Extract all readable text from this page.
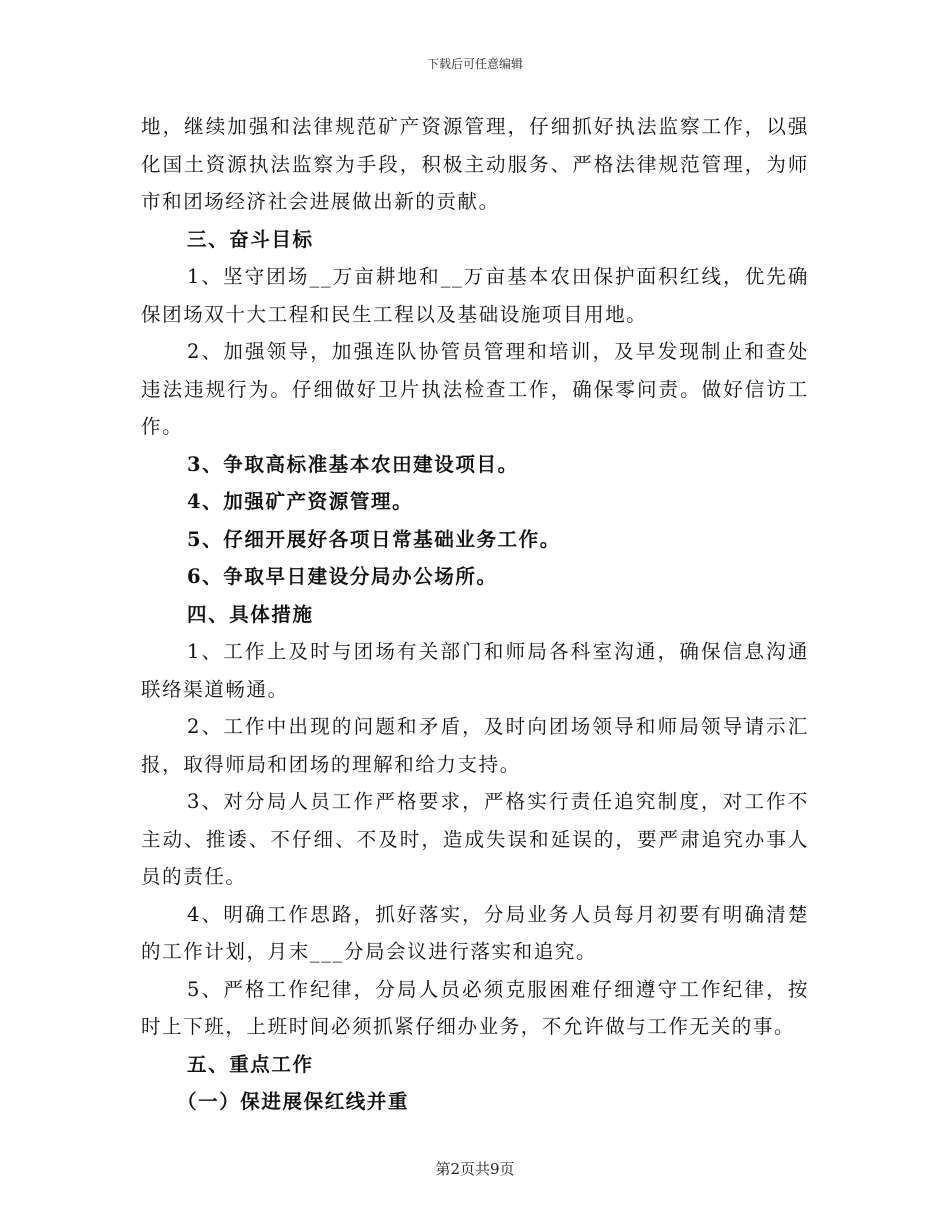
下载后可任意编辑

地，继续加强和法律规范矿产资源管理，仔细抓好执法监察工作，以强化国土资源执法监察为手段，积极主动服务、严格法律规范管理，为师市和团场经济社会进展做出新的贡献。

三、奋斗目标

1、坚守团场__万亩耕地和__万亩基本农田保护面积红线，优先确保团场双十大工程和民生工程以及基础设施项目用地。

2、加强领导，加强连队协管员管理和培训，及早发现制止和查处违法违规行为。仔细做好卫片执法检查工作，确保零问责。做好信访工作。

3、争取高标准基本农田建设项目。

4、加强矿产资源管理。

5、仔细开展好各项日常基础业务工作。

6、争取早日建设分局办公场所。

四、具体措施

1、工作上及时与团场有关部门和师局各科室沟通，确保信息沟通联络渠道畅通。

2、工作中出现的问题和矛盾，及时向团场领导和师局领导请示汇报，取得师局和团场的理解和给力支持。

3、对分局人员工作严格要求，严格实行责任追究制度，对工作不主动、推诿、不仔细、不及时，造成失误和延误的，要严肃追究办事人员的责任。

4、明确工作思路，抓好落实，分局业务人员每月初要有明确清楚的工作计划，月末___分局会议进行落实和追究。

5、严格工作纪律，分局人员必须克服困难仔细遵守工作纪律，按时上下班，上班时间必须抓紧仔细办业务，不允许做与工作无关的事。

五、重点工作

（一）保进展保红线并重

第2页共9页
